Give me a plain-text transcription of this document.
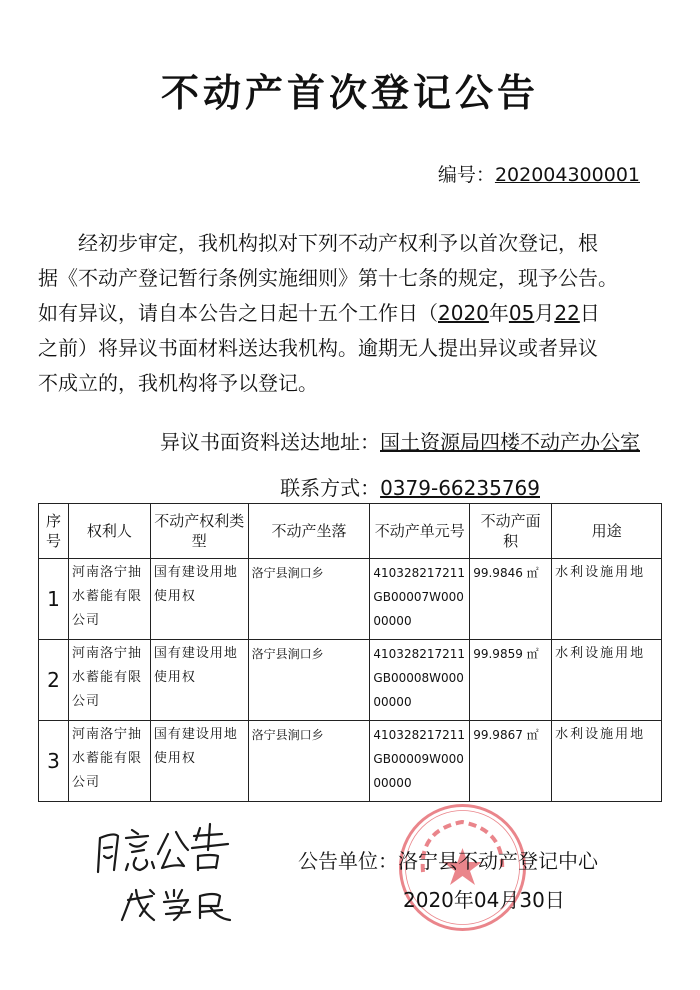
不动产首次登记公告
编号：202004300001

经初步审定，我机构拟对下列不动产权利予以首次登记，根

据《不动产登记暂行条例实施细则》第十七条的规定，现予公告。

如有异议，请自本公告之日起十五个工作日（2020年05月22日

之前）将异议书面材料送达我机构。逾期无人提出异议或者异议

不成立的，我机构将予以登记。

异议书面资料送达地址：国土资源局四楼不动产办公室
联系方式：0379-66235769
序号	权利人	不动产权利类型	不动产坐落	不动产单元号	不动产面积	用途
1	河南洛宁抽水蓄能有限公司	国有建设用地使用权	洛宁县涧口乡	410328217211GB00007W00000000	99.9846 ㎡	水利设施用地
2	河南洛宁抽水蓄能有限公司	国有建设用地使用权	洛宁县涧口乡	410328217211GB00008W00000000	99.9859 ㎡	水利设施用地
3	河南洛宁抽水蓄能有限公司	国有建设用地使用权	洛宁县涧口乡	410328217211GB00009W00000000	99.9867 ㎡	水利设施用地
公告单位：洛宁县不动产登记中心
2020年04月30日
